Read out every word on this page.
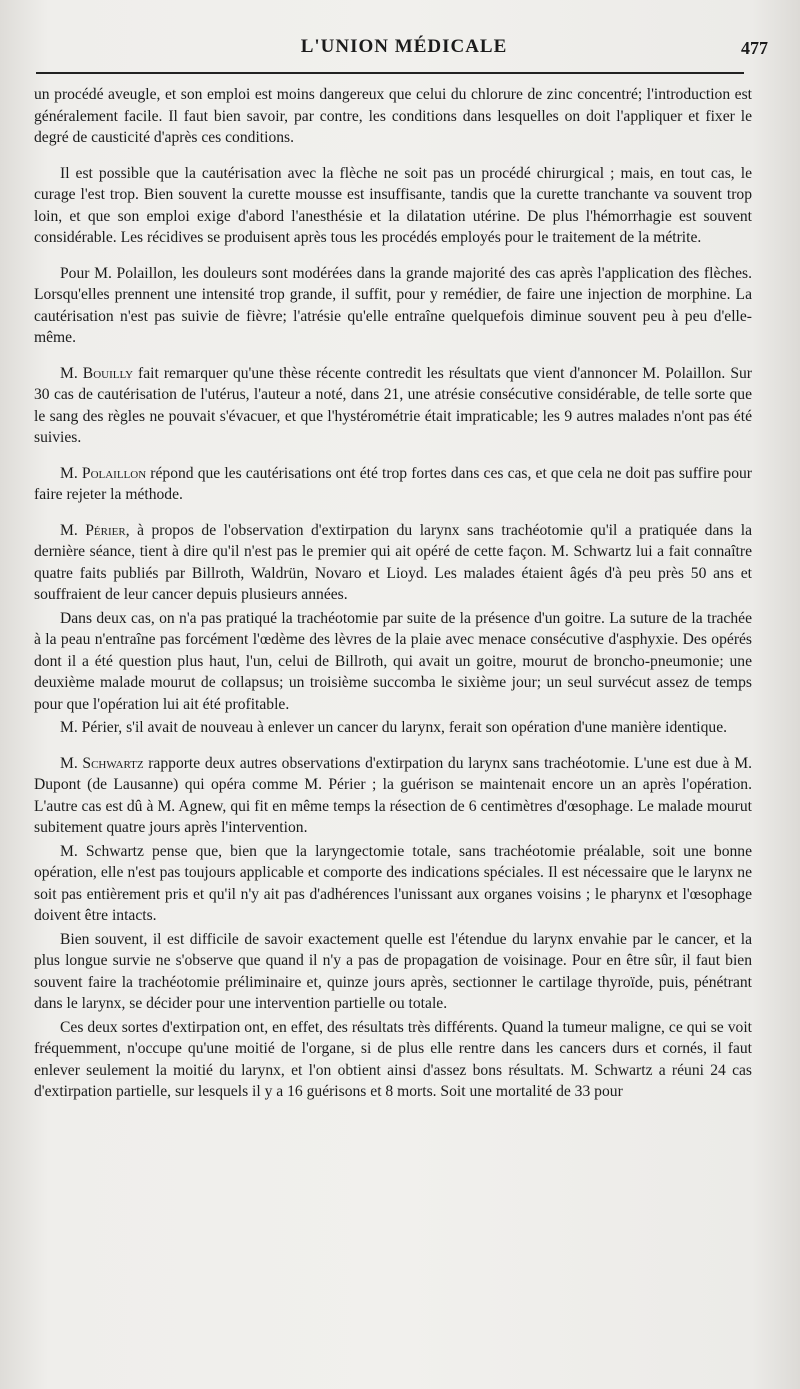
L'UNION MÉDICALE	477

un procédé aveugle, et son emploi est moins dangereux que celui du chlorure de zinc concentré; l'introduction est généralement facile. Il faut bien savoir, par contre, les conditions dans lesquelles on doit l'appliquer et fixer le degré de causticité d'après ces conditions.

Il est possible que la cautérisation avec la flèche ne soit pas un procédé chirurgical ; mais, en tout cas, le curage l'est trop. Bien souvent la curette mousse est insuffisante, tandis que la curette tranchante va souvent trop loin, et que son emploi exige d'abord l'anesthésie et la dilatation utérine. De plus l'hémorrhagie est souvent considérable. Les récidives se produisent après tous les procédés employés pour le traitement de la métrite.

Pour M. Polaillon, les douleurs sont modérées dans la grande majorité des cas après l'application des flèches. Lorsqu'elles prennent une intensité trop grande, il suffit, pour y remédier, de faire une injection de morphine. La cautérisation n'est pas suivie de fièvre; l'atrésie qu'elle entraîne quelquefois diminue souvent peu à peu d'elle-même.

M. Bouilly fait remarquer qu'une thèse récente contredit les résultats que vient d'annoncer M. Polaillon. Sur 30 cas de cautérisation de l'utérus, l'auteur a noté, dans 21, une atrésie consécutive considérable, de telle sorte que le sang des règles ne pouvait s'évacuer, et que l'hystérométrie était impraticable; les 9 autres malades n'ont pas été suivies.

M. Polaillon répond que les cautérisations ont été trop fortes dans ces cas, et que cela ne doit pas suffire pour faire rejeter la méthode.

M. Périer, à propos de l'observation d'extirpation du larynx sans trachéotomie qu'il a pratiquée dans la dernière séance, tient à dire qu'il n'est pas le premier qui ait opéré de cette façon. M. Schwartz lui a fait connaître quatre faits publiés par Billroth, Waldrün, Novaro et Lioyd. Les malades étaient âgés d'à peu près 50 ans et souffraient de leur cancer depuis plusieurs années.

Dans deux cas, on n'a pas pratiqué la trachéotomie par suite de la présence d'un goitre. La suture de la trachée à la peau n'entraîne pas forcément l'œdème des lèvres de la plaie avec menace consécutive d'asphyxie. Des opérés dont il a été question plus haut, l'un, celui de Billroth, qui avait un goitre, mourut de broncho-pneumonie; une deuxième malade mourut de collapsus; un troisième succomba le sixième jour; un seul survécut assez de temps pour que l'opération lui ait été profitable.

M. Périer, s'il avait de nouveau à enlever un cancer du larynx, ferait son opération d'une manière identique.

M. Schwartz rapporte deux autres observations d'extirpation du larynx sans trachéotomie. L'une est due à M. Dupont (de Lausanne) qui opéra comme M. Périer ; la guérison se maintenait encore un an après l'opération. L'autre cas est dû à M. Agnew, qui fit en même temps la résection de 6 centimètres d'œsophage. Le malade mourut subitement quatre jours après l'intervention.

M. Schwartz pense que, bien que la laryngectomie totale, sans trachéotomie préalable, soit une bonne opération, elle n'est pas toujours applicable et comporte des indications spéciales. Il est nécessaire que le larynx ne soit pas entièrement pris et qu'il n'y ait pas d'adhérences l'unissant aux organes voisins ; le pharynx et l'œsophage doivent être intacts.

Bien souvent, il est difficile de savoir exactement quelle est l'étendue du larynx envahie par le cancer, et la plus longue survie ne s'observe que quand il n'y a pas de propagation de voisinage. Pour en être sûr, il faut bien souvent faire la trachéotomie préliminaire et, quinze jours après, sectionner le cartilage thyroïde, puis, pénétrant dans le larynx, se décider pour une intervention partielle ou totale.

Ces deux sortes d'extirpation ont, en effet, des résultats très différents. Quand la tumeur maligne, ce qui se voit fréquemment, n'occupe qu'une moitié de l'organe, si de plus elle rentre dans les cancers durs et cornés, il faut enlever seulement la moitié du larynx, et l'on obtient ainsi d'assez bons résultats. M. Schwartz a réuni 24 cas d'extirpation partielle, sur lesquels il y a 16 guérisons et 8 morts. Soit une mortalité de 33 pour
